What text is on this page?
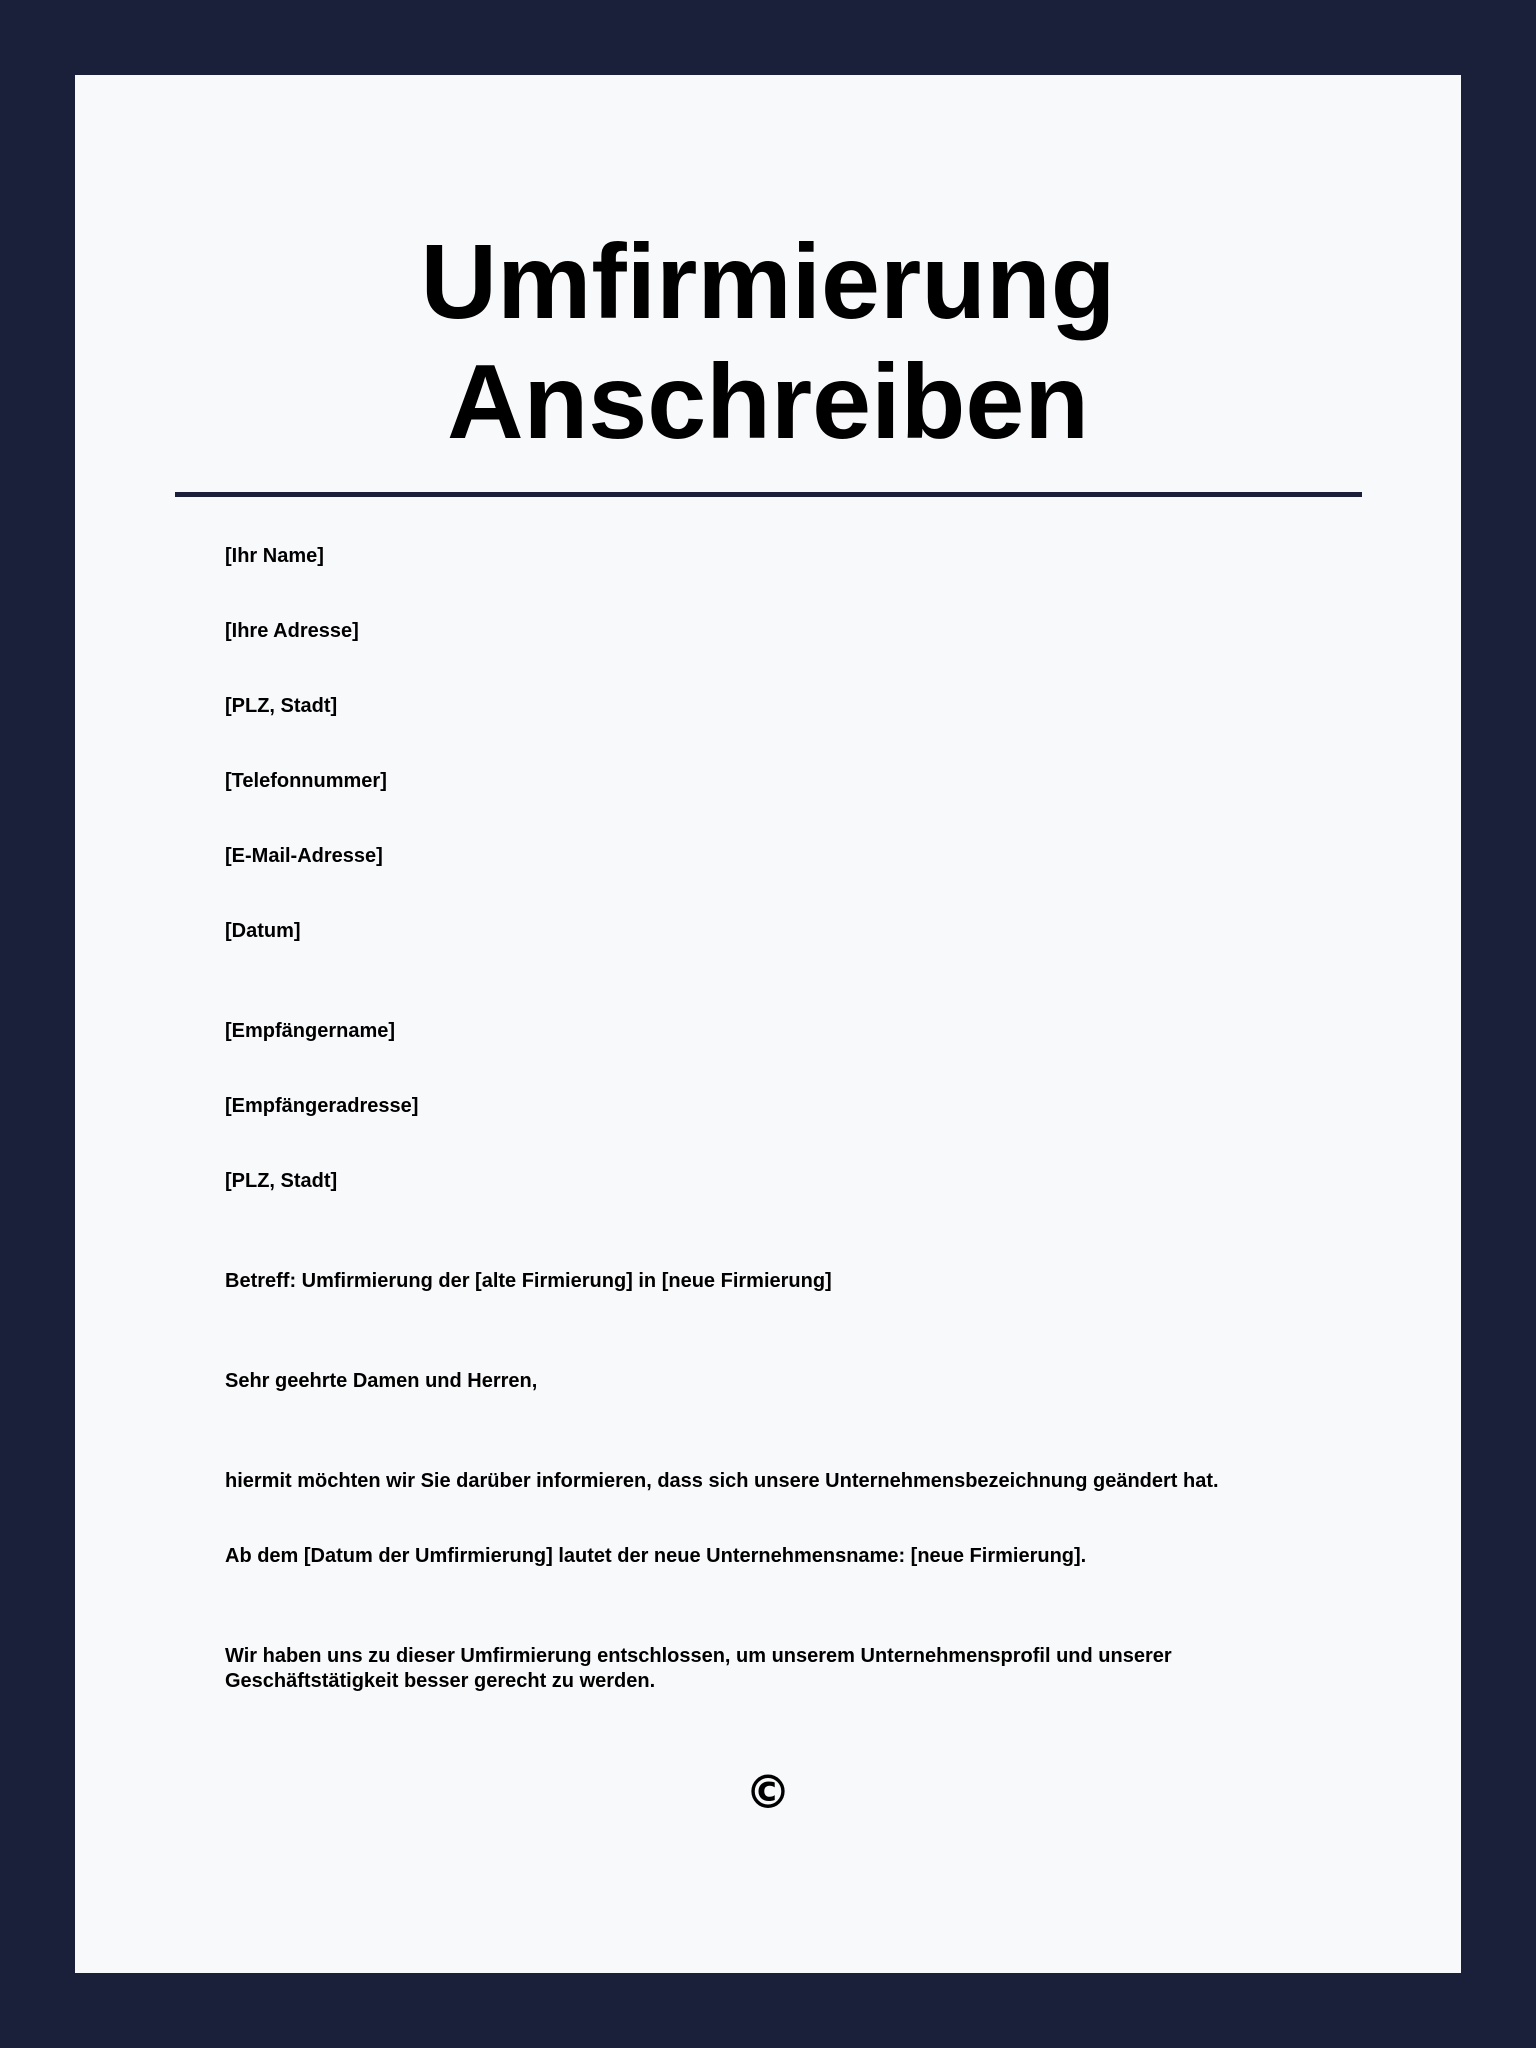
Umfirmierung
Anschreiben
[Ihr Name]
[Ihre Adresse]
[PLZ, Stadt]
[Telefonnummer]
[E-Mail-Adresse]
[Datum]
[Empfängername]
[Empfängeradresse]
[PLZ, Stadt]
Betreff: Umfirmierung der [alte Firmierung] in [neue Firmierung]
Sehr geehrte Damen und Herren,
hiermit möchten wir Sie darüber informieren, dass sich unsere Unternehmensbezeichnung geändert hat.
Ab dem [Datum der Umfirmierung] lautet der neue Unternehmensname: [neue Firmierung].
Wir haben uns zu dieser Umfirmierung entschlossen, um unserem Unternehmensprofil und unserer Geschäftstätigkeit besser gerecht zu werden.
©
